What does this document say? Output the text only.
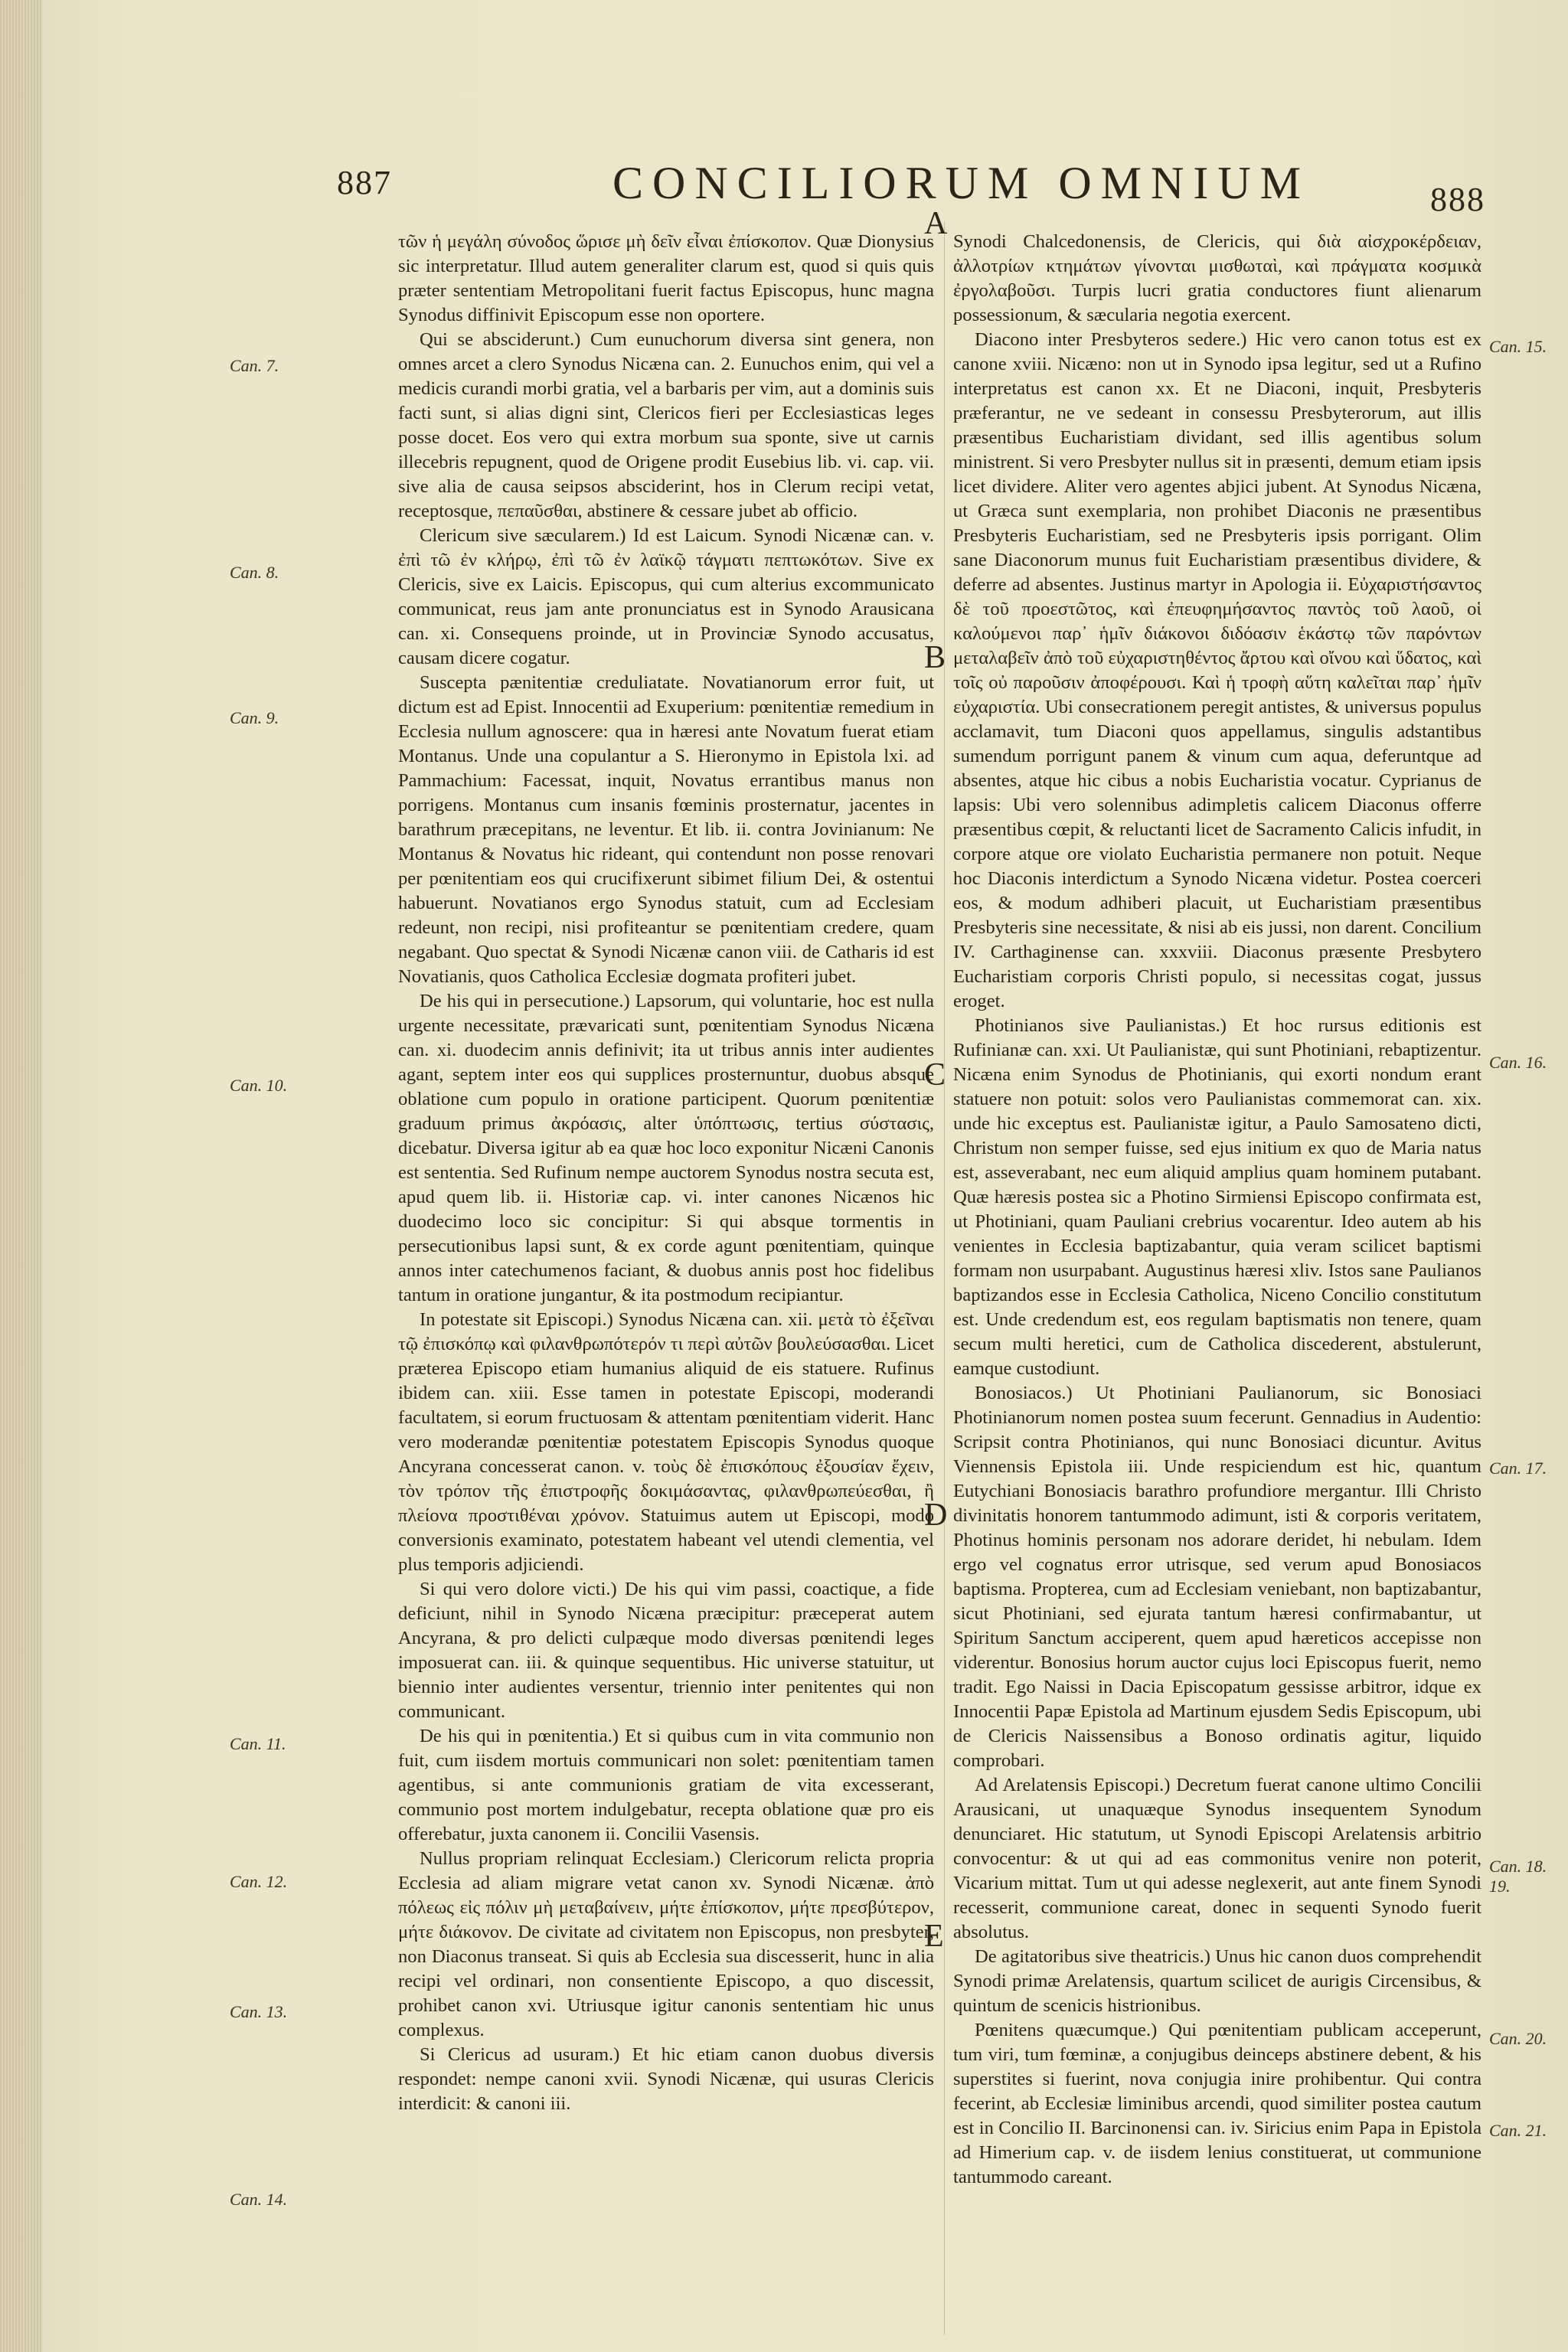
887	CONCILIORUM OMNIUM	888
Can. 7.
Can. 8.
Can. 9.
Can. 10.
Can. 11.
Can. 12.
Can. 13.
Can. 14.
Can. 15.
Can. 16.
Can. 17.
Can. 18. 19.
Can. 20.
Can. 21.
A
B
C
D
E

τῶν ἡ μεγάλη σύνοδος ὥρισε μὴ δεῖν εἶναι ἐπίσκοπον. Quæ Dionysius sic interpretatur. Illud autem generaliter clarum est, quod si quis quis præter sententiam Metropolitani fuerit factus Episcopus, hunc magna Synodus diffinivit Episcopum esse non oportere.

Qui se absciderunt.) Cum eunuchorum diversa sint genera, non omnes arcet a clero Synodus Nicæna can. 2. Eunuchos enim, qui vel a medicis curandi morbi gratia, vel a barbaris per vim, aut a dominis suis facti sunt, si alias digni sint, Clericos fieri per Ecclesiasticas leges posse docet. Eos vero qui extra morbum sua sponte, sive ut carnis illecebris repugnent, quod de Origene prodit Eusebius lib. vi. cap. vii. sive alia de causa seipsos absciderint, hos in Clerum recipi vetat, receptosque, πεπαῦσθαι, abstinere & cessare jubet ab officio.

Clericum sive sæcularem.) Id est Laicum. Synodi Nicænæ can. v. ἐπὶ τῶ ἐν κλήρῳ, ἐπὶ τῶ ἐν λαϊκῷ τάγματι πεπτωκότων. Sive ex Clericis, sive ex Laicis. Episcopus, qui cum alterius excommunicato communicat, reus jam ante pronunciatus est in Synodo Arausicana can. xi. Consequens proinde, ut in Provinciæ Synodo accusatus, causam dicere cogatur.

Suscepta pænitentiæ creduliatate. Novatianorum error fuit, ut dictum est ad Epist. Innocentii ad Exuperium: pœnitentiæ remedium in Ecclesia nullum agnoscere: qua in hæresi ante Novatum fuerat etiam Montanus. Unde una copulantur a S. Hieronymo in Epistola lxi. ad Pammachium: Facessat, inquit, Novatus errantibus manus non porrigens. Montanus cum insanis fœminis prosternatur, jacentes in barathrum præcepitans, ne leventur. Et lib. ii. contra Jovinianum: Ne Montanus & Novatus hic rideant, qui contendunt non posse renovari per pœnitentiam eos qui crucifixerunt sibimet filium Dei, & ostentui habuerunt. Novatianos ergo Synodus statuit, cum ad Ecclesiam redeunt, non recipi, nisi profiteantur se pœnitentiam credere, quam negabant. Quo spectat & Synodi Nicænæ canon viii. de Catharis id est Novatianis, quos Catholica Ecclesiæ dogmata profiteri jubet.

De his qui in persecutione.) Lapsorum, qui voluntarie, hoc est nulla urgente necessitate, prævaricati sunt, pœnitentiam Synodus Nicæna can. xi. duodecim annis definivit; ita ut tribus annis inter audientes agant, septem inter eos qui supplices prosternuntur, duobus absque oblatione cum populo in oratione participent. Quorum pœnitentiæ graduum primus ἀκρόασις, alter ὑπόπτωσις, tertius σύστασις, dicebatur. Diversa igitur ab ea quæ hoc loco exponitur Nicæni Canonis est sententia. Sed Rufinum nempe auctorem Synodus nostra secuta est, apud quem lib. ii. Historiæ cap. vi. inter canones Nicænos hic duodecimo loco sic concipitur: Si qui absque tormentis in persecutionibus lapsi sunt, & ex corde agunt pœnitentiam, quinque annos inter catechumenos faciant, & duobus annis post hoc fidelibus tantum in oratione jungantur, & ita postmodum recipiantur.

In potestate sit Episcopi.) Synodus Nicæna can. xii. μετὰ τὸ ἐξεῖναι τῷ ἐπισκόπῳ καὶ φιλανθρωπότερόν τι περὶ αὐτῶν βουλεύσασθαι. Licet præterea Episcopo etiam humanius aliquid de eis statuere. Rufinus ibidem can. xiii. Esse tamen in potestate Episcopi, moderandi facultatem, si eorum fructuosam & attentam pœnitentiam viderit. Hanc vero moderandæ pœnitentiæ potestatem Episcopis Synodus quoque Ancyrana concesserat canon. v. τοὺς δὲ ἐπισκόπους ἐξουσίαν ἔχειν, τὸν τρόπον τῆς ἐπιστροφῆς δοκιμάσαντας, φιλανθρωπεύεσθαι, ἢ πλείονα προστιθέναι χρόνον. Statuimus autem ut Episcopi, modo conversionis examinato, potestatem habeant vel utendi clementia, vel plus temporis adjiciendi.

Si qui vero dolore victi.) De his qui vim passi, coactique, a fide deficiunt, nihil in Synodo Nicæna præcipitur: præceperat autem Ancyrana, & pro delicti culpæque modo diversas pœnitendi leges imposuerat can. iii. & quinque sequentibus. Hic universe statuitur, ut biennio inter audientes versentur, triennio inter penitentes qui non communicant.

De his qui in pœnitentia.) Et si quibus cum in vita communio non fuit, cum iisdem mortuis communicari non solet: pœnitentiam tamen agentibus, si ante communionis gratiam de vita excesserant, communio post mortem indulgebatur, recepta oblatione quæ pro eis offerebatur, juxta canonem ii. Concilii Vasensis.

Nullus propriam relinquat Ecclesiam.) Clericorum relicta propria Ecclesia ad aliam migrare vetat canon xv. Synodi Nicænæ. ἀπὸ πόλεως εἰς πόλιν μὴ μεταβαίνειν, μήτε ἐπίσκοπον, μήτε πρεσβύτερον, μήτε διάκονον. De civitate ad civitatem non Episcopus, non presbyter, non Diaconus transeat. Si quis ab Ecclesia sua discesserit, hunc in alia recipi vel ordinari, non consentiente Episcopo, a quo discessit, prohibet canon xvi. Utriusque igitur canonis sententiam hic unus complexus.

Si Clericus ad usuram.) Et hic etiam canon duobus diversis respondet: nempe canoni xvii. Synodi Nicænæ, qui usuras Clericis interdicit: & canoni iii.

Synodi Chalcedonensis, de Clericis, qui διὰ αἰσχροκέρδειαν, ἀλλοτρίων κτημάτων γίνονται μισθωταὶ, καὶ πράγματα κοσμικὰ ἐργολαβοῦσι. Turpis lucri gratia conductores fiunt alienarum possessionum, & sæcularia negotia exercent.

Diacono inter Presbyteros sedere.) Hic vero canon totus est ex canone xviii. Nicæno: non ut in Synodo ipsa legitur, sed ut a Rufino interpretatus est canon xx. Et ne Diaconi, inquit, Presbyteris præferantur, ne ve sedeant in consessu Presbyterorum, aut illis præsentibus Eucharistiam dividant, sed illis agentibus solum ministrent. Si vero Presbyter nullus sit in præsenti, demum etiam ipsis licet dividere. Aliter vero agentes abjici jubent. At Synodus Nicæna, ut Græca sunt exemplaria, non prohibet Diaconis ne præsentibus Presbyteris Eucharistiam, sed ne Presbyteris ipsis porrigant. Olim sane Diaconorum munus fuit Eucharistiam præsentibus dividere, & deferre ad absentes. Justinus martyr in Apologia ii. Εὐχαριστήσαντος δὲ τοῦ προεστῶτος, καὶ ἐπευφημήσαντος παντὸς τοῦ λαοῦ, οἱ καλούμενοι παρ᾽ ἡμῖν διάκονοι διδόασιν ἑκάστῳ τῶν παρόντων μεταλαβεῖν ἀπὸ τοῦ εὐχαριστηθέντος ἄρτου καὶ οἴνου καὶ ὕδατος, καὶ τοῖς οὐ παροῦσιν ἀποφέρουσι. Καὶ ἡ τροφὴ αὕτη καλεῖται παρ᾽ ἡμῖν εὐχαριστία. Ubi consecrationem peregit antistes, & universus populus acclamavit, tum Diaconi quos appellamus, singulis adstantibus sumendum porrigunt panem & vinum cum aqua, deferuntque ad absentes, atque hic cibus a nobis Eucharistia vocatur. Cyprianus de lapsis: Ubi vero solennibus adimpletis calicem Diaconus offerre præsentibus cœpit, & reluctanti licet de Sacramento Calicis infudit, in corpore atque ore violato Eucharistia permanere non potuit. Neque hoc Diaconis interdictum a Synodo Nicæna videtur. Postea coerceri eos, & modum adhiberi placuit, ut Eucharistiam præsentibus Presbyteris sine necessitate, & nisi ab eis jussi, non darent. Concilium IV. Carthaginense can. xxxviii. Diaconus præsente Presbytero Eucharistiam corporis Christi populo, si necessitas cogat, jussus eroget.

Photinianos sive Paulianistas.) Et hoc rursus editionis est Rufinianæ can. xxi. Ut Paulianistæ, qui sunt Photiniani, rebaptizentur. Nicæna enim Synodus de Photinianis, qui exorti nondum erant statuere non potuit: solos vero Paulianistas commemorat can. xix. unde hic exceptus est. Paulianistæ igitur, a Paulo Samosateno dicti, Christum non semper fuisse, sed ejus initium ex quo de Maria natus est, asseverabant, nec eum aliquid amplius quam hominem putabant. Quæ hæresis postea sic a Photino Sirmiensi Episcopo confirmata est, ut Photiniani, quam Pauliani crebrius vocarentur. Ideo autem ab his venientes in Ecclesia baptizabantur, quia veram scilicet baptismi formam non usurpabant. Augustinus hæresi xliv. Istos sane Paulianos baptizandos esse in Ecclesia Catholica, Niceno Concilio constitutum est. Unde credendum est, eos regulam baptismatis non tenere, quam secum multi heretici, cum de Catholica discederent, abstulerunt, eamque custodiunt.

Bonosiacos.) Ut Photiniani Paulianorum, sic Bonosiaci Photinianorum nomen postea suum fecerunt. Gennadius in Audentio: Scripsit contra Photinianos, qui nunc Bonosiaci dicuntur. Avitus Viennensis Epistola iii. Unde respiciendum est hic, quantum Eutychiani Bonosiacis barathro profundiore mergantur. Illi Christo divinitatis honorem tantummodo adimunt, isti & corporis veritatem, Photinus hominis personam nos adorare deridet, hi nebulam. Idem ergo vel cognatus error utrisque, sed verum apud Bonosiacos baptisma. Propterea, cum ad Ecclesiam veniebant, non baptizabantur, sicut Photiniani, sed ejurata tantum hæresi confirmabantur, ut Spiritum Sanctum acciperent, quem apud hæreticos accepisse non viderentur. Bonosius horum auctor cujus loci Episcopus fuerit, nemo tradit. Ego Naissi in Dacia Episcopatum gessisse arbitror, idque ex Innocentii Papæ Epistola ad Martinum ejusdem Sedis Episcopum, ubi de Clericis Naissensibus a Bonoso ordinatis agitur, liquido comprobari.

Ad Arelatensis Episcopi.) Decretum fuerat canone ultimo Concilii Arausicani, ut unaquæque Synodus insequentem Synodum denunciaret. Hic statutum, ut Synodi Episcopi Arelatensis arbitrio convocentur: & ut qui ad eas commonitus venire non poterit, Vicarium mittat. Tum ut qui adesse neglexerit, aut ante finem Synodi recesserit, communione careat, donec in sequenti Synodo fuerit absolutus.

De agitatoribus sive theatricis.) Unus hic canon duos comprehendit Synodi primæ Arelatensis, quartum scilicet de aurigis Circensibus, & quintum de scenicis histrionibus.

Pœnitens quæcumque.) Qui pœnitentiam publicam acceperunt, tum viri, tum fœminæ, a conjugibus deinceps abstinere debent, & his superstites si fuerint, nova conjugia inire prohibentur. Qui contra fecerint, ab Ecclesiæ liminibus arcendi, quod similiter postea cautum est in Concilio II. Barcinonensi can. iv. Siricius enim Papa in Epistola ad Himerium cap. v. de iisdem lenius constituerat, ut communione tantummodo careant.
